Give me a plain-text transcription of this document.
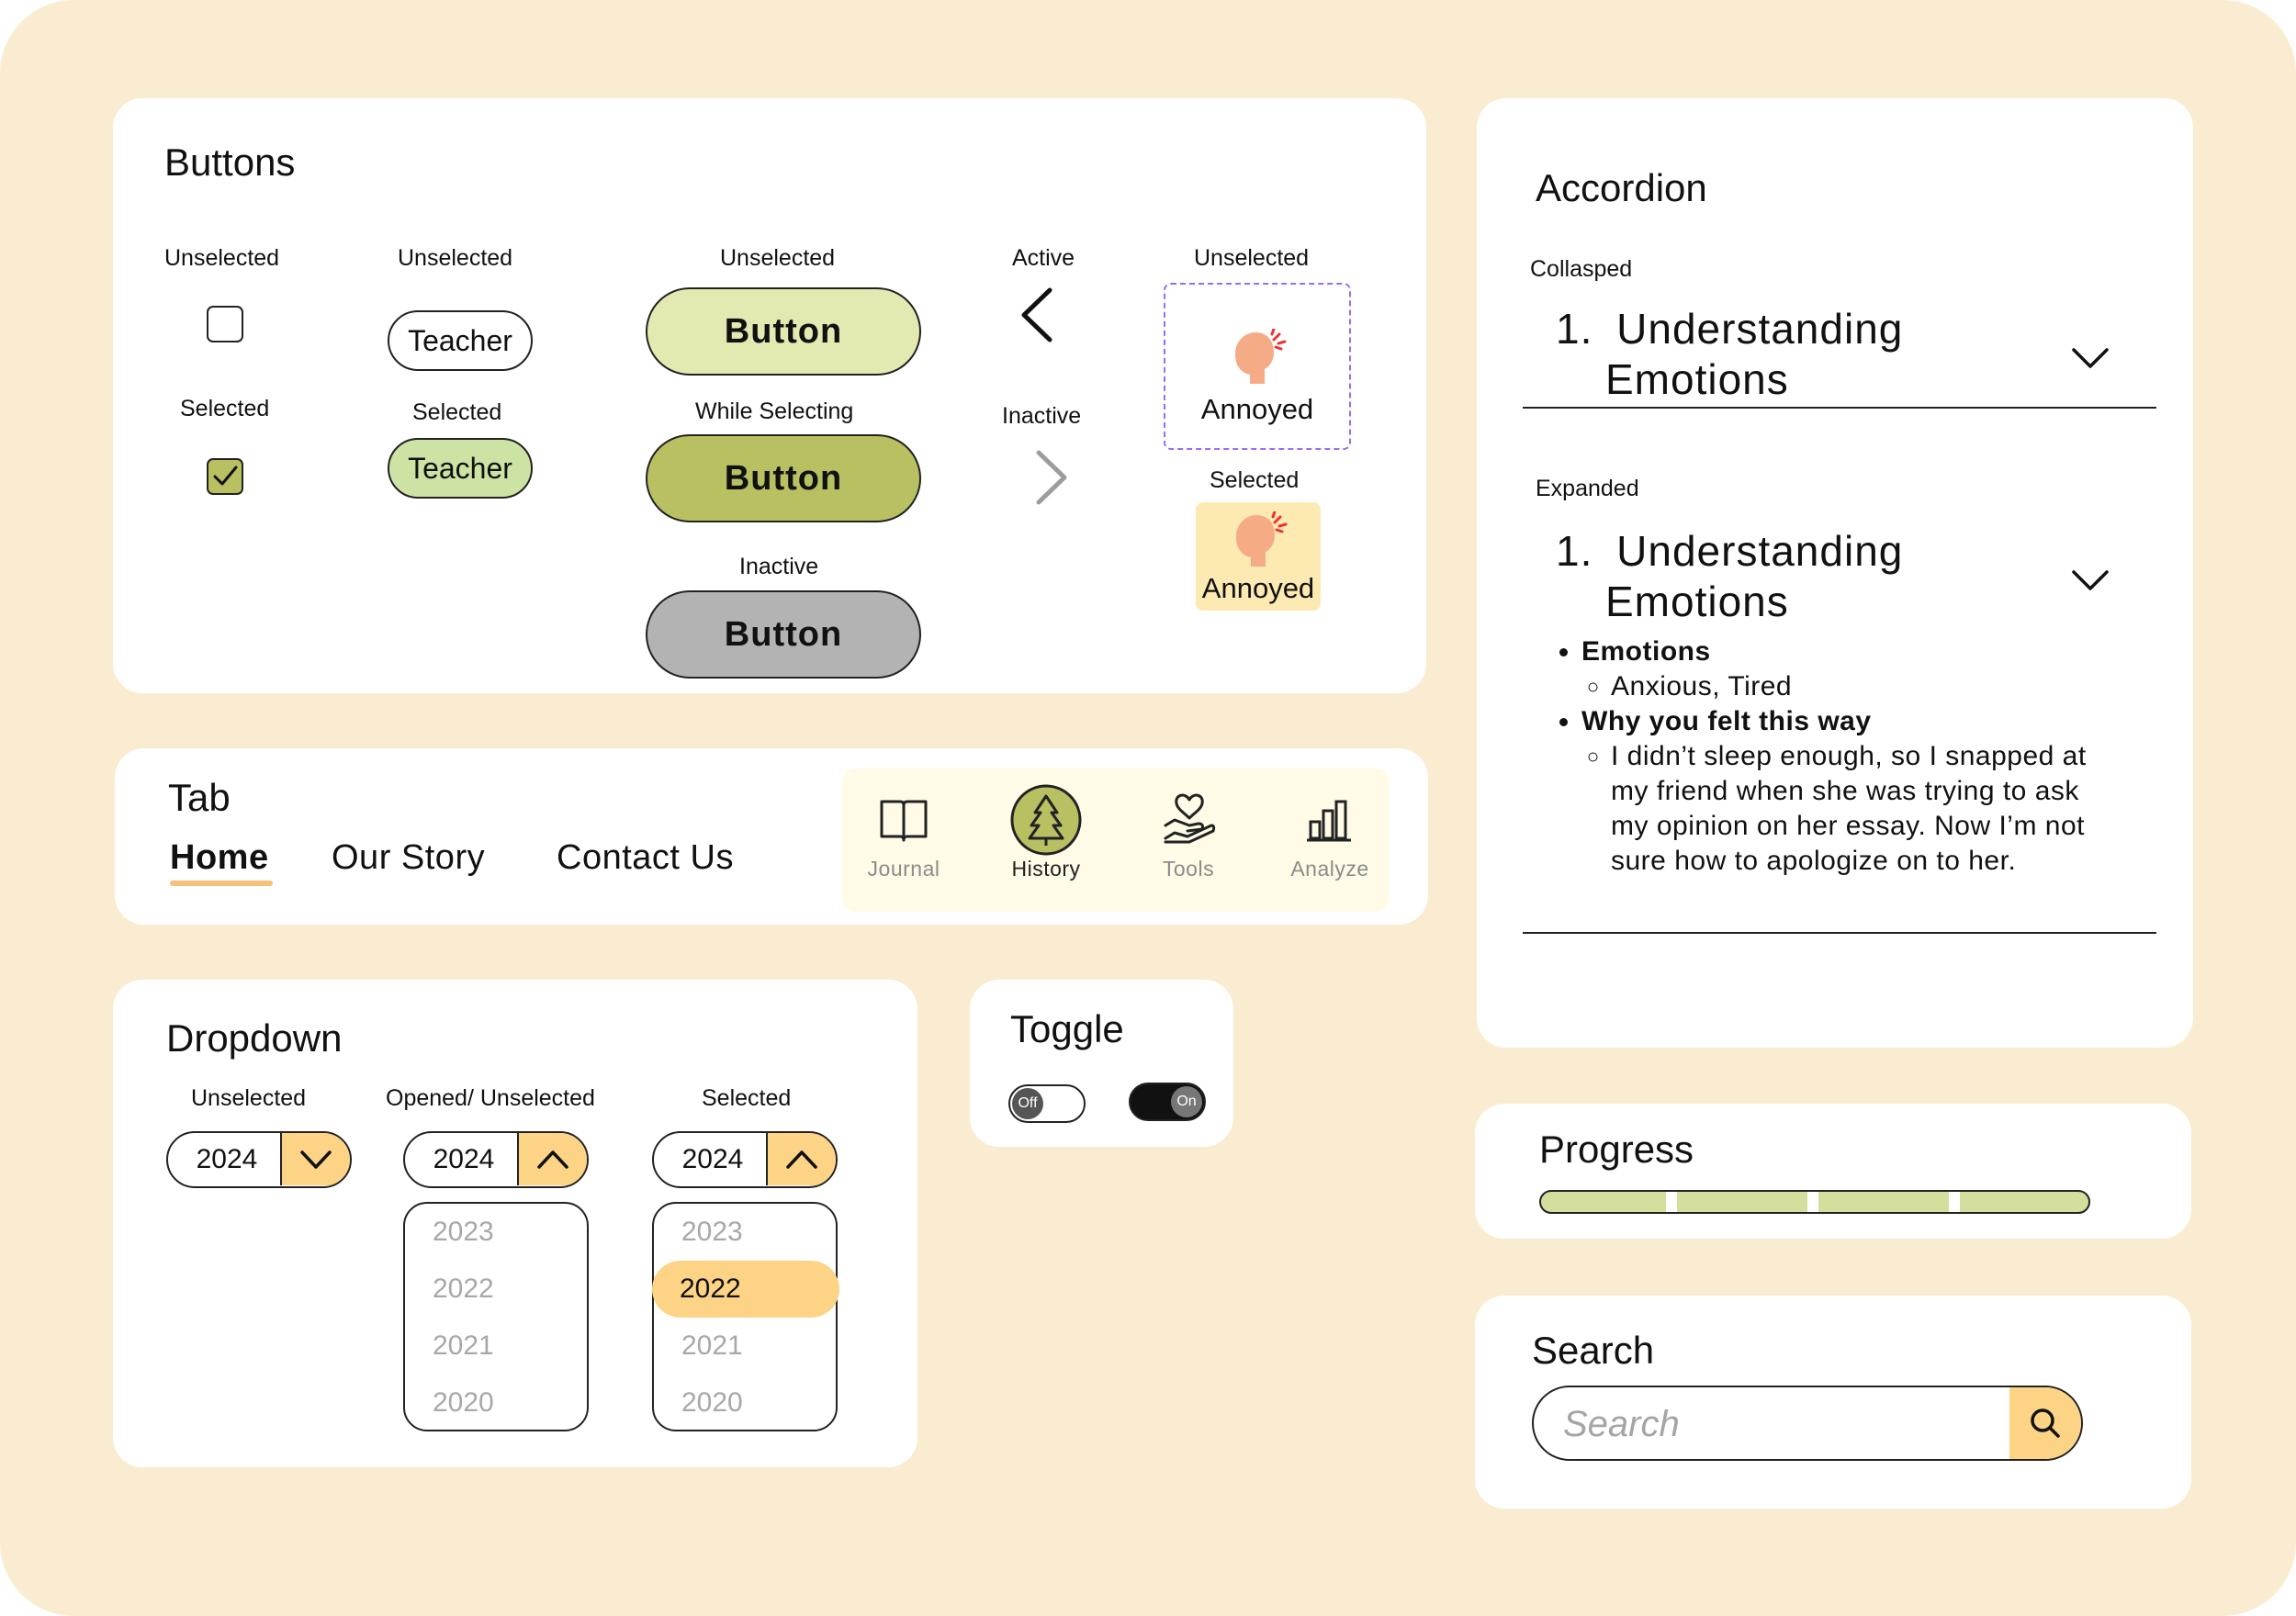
Buttons
Unselected
Selected
Unselected
Teacher
Selected
Teacher
Unselected
Button
While Selecting
Button
Inactive
Button
Active
Inactive
Unselected
Annoyed
Selected
Annoyed
Tab
Home Our Story Contact Us	Journal	History	Tools	Analyze
Dropdown
Unselected	Opened/ Unselected	Selected
2024	2024
2023
2022
2021
2020
2024
2023
2022
2021
2020
Toggle
Off	On
Accordion
Collasped
1. Understanding
Emotions
Expanded
1. Understanding
Emotions
• Emotions
◦ Anxious, Tired
• Why you felt this way
◦ I didn’t sleep enough, so I snapped at my friend when she was trying to ask my opinion on her essay. Now I’m not sure how to apologize on to her.
Progress
Search
Search
